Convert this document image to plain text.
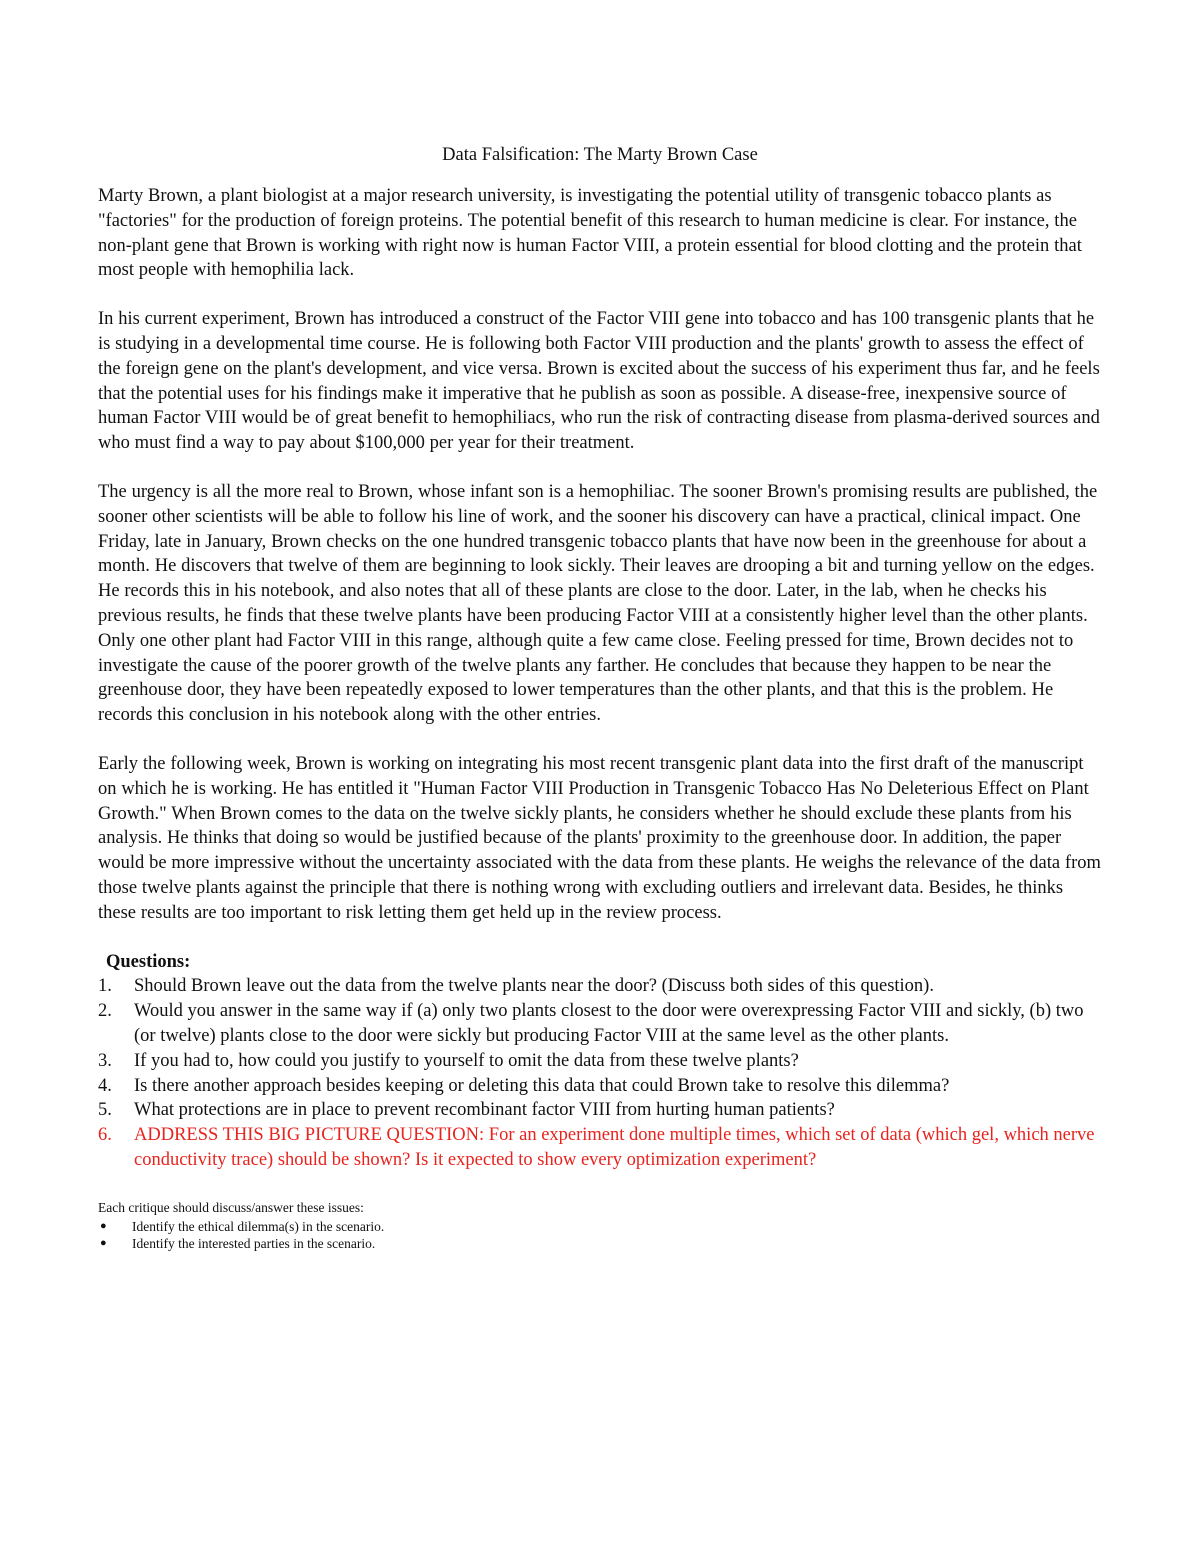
Data Falsification: The Marty Brown Case

Marty Brown, a plant biologist at a major research university, is investigating the potential utility of transgenic tobacco plants as "factories" for the production of foreign proteins. The potential benefit of this research to human medicine is clear. For instance, the non-plant gene that Brown is working with right now is human Factor VIII, a protein essential for blood clotting and the protein that most people with hemophilia lack.

In his current experiment, Brown has introduced a construct of the Factor VIII gene into tobacco and has 100 transgenic plants that he is studying in a developmental time course. He is following both Factor VIII production and the plants' growth to assess the effect of the foreign gene on the plant's development, and vice versa. Brown is excited about the success of his experiment thus far, and he feels that the potential uses for his findings make it imperative that he publish as soon as possible. A disease-free, inexpensive source of human Factor VIII would be of great benefit to hemophiliacs, who run the risk of contracting disease from plasma-derived sources and who must find a way to pay about $100,000 per year for their treatment.

The urgency is all the more real to Brown, whose infant son is a hemophiliac. The sooner Brown's promising results are published, the sooner other scientists will be able to follow his line of work, and the sooner his discovery can have a practical, clinical impact. One Friday, late in January, Brown checks on the one hundred transgenic tobacco plants that have now been in the greenhouse for about a month. He discovers that twelve of them are beginning to look sickly. Their leaves are drooping a bit and turning yellow on the edges. He records this in his notebook, and also notes that all of these plants are close to the door. Later, in the lab, when he checks his previous results, he finds that these twelve plants have been producing Factor VIII at a consistently higher level than the other plants. Only one other plant had Factor VIII in this range, although quite a few came close. Feeling pressed for time, Brown decides not to investigate the cause of the poorer growth of the twelve plants any farther. He concludes that because they happen to be near the greenhouse door, they have been repeatedly exposed to lower temperatures than the other plants, and that this is the problem. He records this conclusion in his notebook along with the other entries.

Early the following week, Brown is working on integrating his most recent transgenic plant data into the first draft of the manuscript on which he is working. He has entitled it "Human Factor VIII Production in Transgenic Tobacco Has No Deleterious Effect on Plant Growth." When Brown comes to the data on the twelve sickly plants, he considers whether he should exclude these plants from his analysis. He thinks that doing so would be justified because of the plants' proximity to the greenhouse door. In addition, the paper would be more impressive without the uncertainty associated with the data from these plants. He weighs the relevance of the data from those twelve plants against the principle that there is nothing wrong with excluding outliers and irrelevant data. Besides, he thinks these results are too important to risk letting them get held up in the review process.

Questions:
1. Should Brown leave out the data from the twelve plants near the door? (Discuss both sides of this question).
2. Would you answer in the same way if (a) only two plants closest to the door were overexpressing Factor VIII and sickly, (b) two (or twelve) plants close to the door were sickly but producing Factor VIII at the same level as the other plants.
3. If you had to, how could you justify to yourself to omit the data from these twelve plants?
4. Is there another approach besides keeping or deleting this data that could Brown take to resolve this dilemma?
5. What protections are in place to prevent recombinant factor VIII from hurting human patients?
6. ADDRESS THIS BIG PICTURE QUESTION: For an experiment done multiple times, which set of data (which gel, which nerve conductivity trace) should be shown? Is it expected to show every optimization experiment?
Each critique should discuss/answer these issues:
● Identify the ethical dilemma(s) in the scenario.
● Identify the interested parties in the scenario.
